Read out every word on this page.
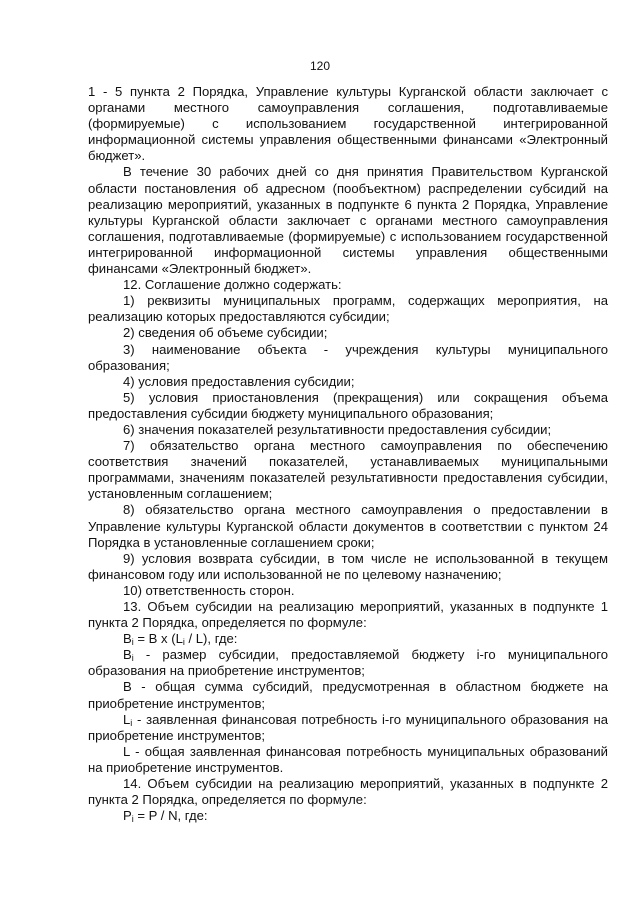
120

1 - 5 пункта 2 Порядка, Управление культуры Курганской области заключает с органами местного самоуправления соглашения, подготавливаемые (формируемые) с использованием государственной интегрированной информационной системы управления общественными финансами «Электронный бюджет».

В течение 30 рабочих дней со дня принятия Правительством Курганской области постановления об адресном (пообъектном) распределении субсидий на реализацию мероприятий, указанных в подпункте 6 пункта 2 Порядка, Управление культуры Курганской области заключает с органами местного самоуправления соглашения, подготавливаемые (формируемые) с использованием государственной интегрированной информационной системы управления общественными финансами «Электронный бюджет».

12. Соглашение должно содержать:

1) реквизиты муниципальных программ, содержащих мероприятия, на реализацию которых предоставляются субсидии;

2) сведения об объеме субсидии;

3) наименование объекта - учреждения культуры муниципального образования;

4) условия предоставления субсидии;

5) условия приостановления (прекращения) или сокращения объема предоставления субсидии бюджету муниципального образования;

6) значения показателей результативности предоставления субсидии;

7) обязательство органа местного самоуправления по обеспечению соответствия значений показателей, устанавливаемых муниципальными программами, значениям показателей результативности предоставления субсидии, установленным соглашением;

8) обязательство органа местного самоуправления о предоставлении в Управление культуры Курганской области документов в соответствии с пунктом 24 Порядка в установленные соглашением сроки;

9) условия возврата субсидии, в том числе не использованной в текущем финансовом году или использованной не по целевому назначению;

10) ответственность сторон.

13. Объем субсидии на реализацию мероприятий, указанных в подпункте 1 пункта 2 Порядка, определяется по формуле:

$B_i = B$ x $(L_i / L)$, где:

$B_i$ - размер субсидии, предоставляемой бюджету i-го муниципального образования на приобретение инструментов;

B - общая сумма субсидий, предусмотренная в областном бюджете на приобретение инструментов;

$L_i$ - заявленная финансовая потребность i-го муниципального образования на приобретение инструментов;

L - общая заявленная финансовая потребность муниципальных образований на приобретение инструментов.

14. Объем субсидии на реализацию мероприятий, указанных в подпункте 2 пункта 2 Порядка, определяется по формуле:

$P_i = P / N$, где:
